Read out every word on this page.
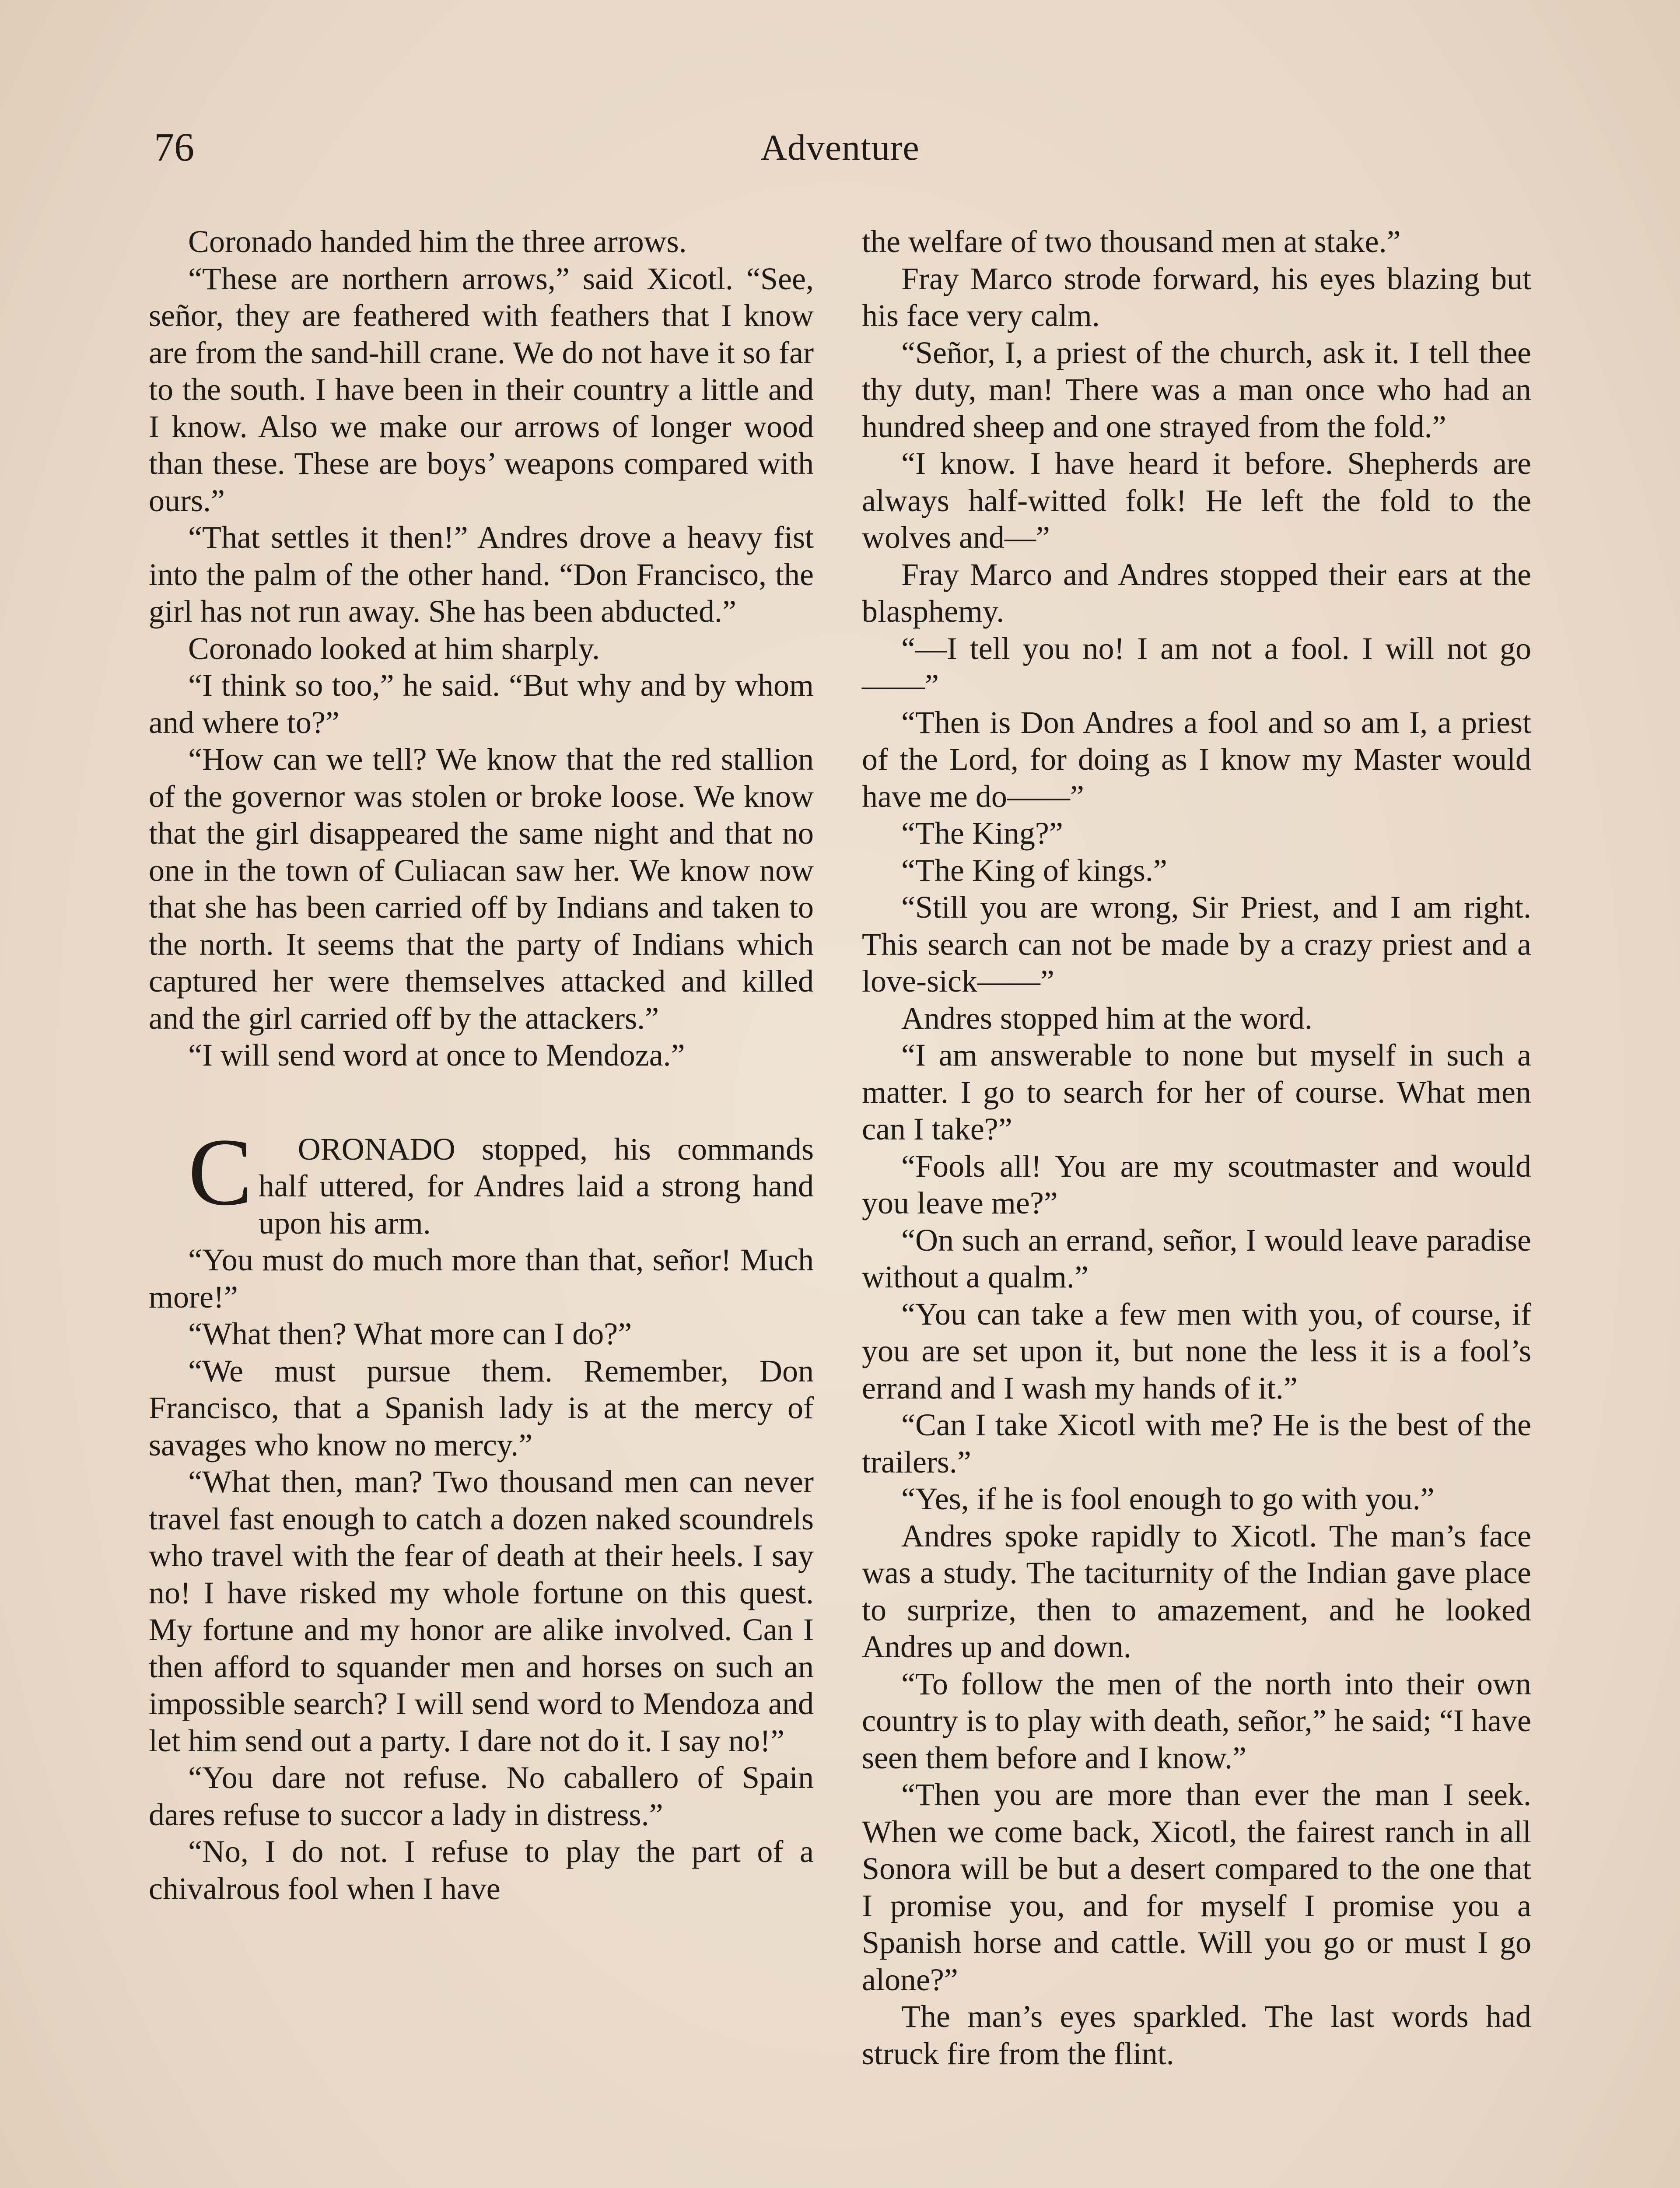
76	Adventure

Coronado handed him the three arrows.

“These are northern arrows,” said Xicotl. “See, señor, they are feathered with feathers that I know are from the sand-hill crane. We do not have it so far to the south. I have been in their country a little and I know. Also we make our arrows of longer wood than these. These are boys’ weapons compared with ours.”

“That settles it then!” Andres drove a heavy fist into the palm of the other hand. “Don Francisco, the girl has not run away. She has been abducted.”

Coronado looked at him sharply.

“I think so too,” he said. “But why and by whom and where to?”

“How can we tell? We know that the red stallion of the governor was stolen or broke loose. We know that the girl disappeared the same night and that no one in the town of Culiacan saw her. We know now that she has been carried off by Indians and taken to the north. It seems that the party of Indians which captured her were themselves attacked and killed and the girl carried off by the attackers.”

“I will send word at once to Mendoza.”

C ORONADO stopped, his commands half uttered, for Andres laid a strong hand upon his arm.

“You must do much more than that, señor! Much more!”

“What then? What more can I do?”

“We must pursue them. Remember, Don Francisco, that a Spanish lady is at the mercy of savages who know no mercy.”

“What then, man? Two thousand men can never travel fast enough to catch a dozen naked scoundrels who travel with the fear of death at their heels. I say no! I have risked my whole fortune on this quest. My fortune and my honor are alike involved. Can I then afford to squander men and horses on such an impossible search? I will send word to Mendoza and let him send out a party. I dare not do it. I say no!”

“You dare not refuse. No caballero of Spain dares refuse to succor a lady in distress.”

“No, I do not. I refuse to play the part of a chivalrous fool when I have

the welfare of two thousand men at stake.”

Fray Marco strode forward, his eyes blazing but his face very calm.

“Señor, I, a priest of the church, ask it. I tell thee thy duty, man! There was a man once who had an hundred sheep and one strayed from the fold.”

“I know. I have heard it before. Shepherds are always half-witted folk! He left the fold to the wolves and—”

Fray Marco and Andres stopped their ears at the blasphemy.

“—I tell you no! I am not a fool. I will not go——”

“Then is Don Andres a fool and so am I, a priest of the Lord, for doing as I know my Master would have me do——”

“The King?”

“The King of kings.”

“Still you are wrong, Sir Priest, and I am right. This search can not be made by a crazy priest and a love-sick——”

Andres stopped him at the word.

“I am answerable to none but myself in such a matter. I go to search for her of course. What men can I take?”

“Fools all! You are my scoutmaster and would you leave me?”

“On such an errand, señor, I would leave paradise without a qualm.”

“You can take a few men with you, of course, if you are set upon it, but none the less it is a fool’s errand and I wash my hands of it.”

“Can I take Xicotl with me? He is the best of the trailers.”

“Yes, if he is fool enough to go with you.”

Andres spoke rapidly to Xicotl. The man’s face was a study. The taciturnity of the Indian gave place to surprize, then to amazement, and he looked Andres up and down.

“To follow the men of the north into their own country is to play with death, señor,” he said; “I have seen them before and I know.”

“Then you are more than ever the man I seek. When we come back, Xicotl, the fairest ranch in all Sonora will be but a desert compared to the one that I promise you, and for myself I promise you a Spanish horse and cattle. Will you go or must I go alone?”

The man’s eyes sparkled. The last words had struck fire from the flint.
